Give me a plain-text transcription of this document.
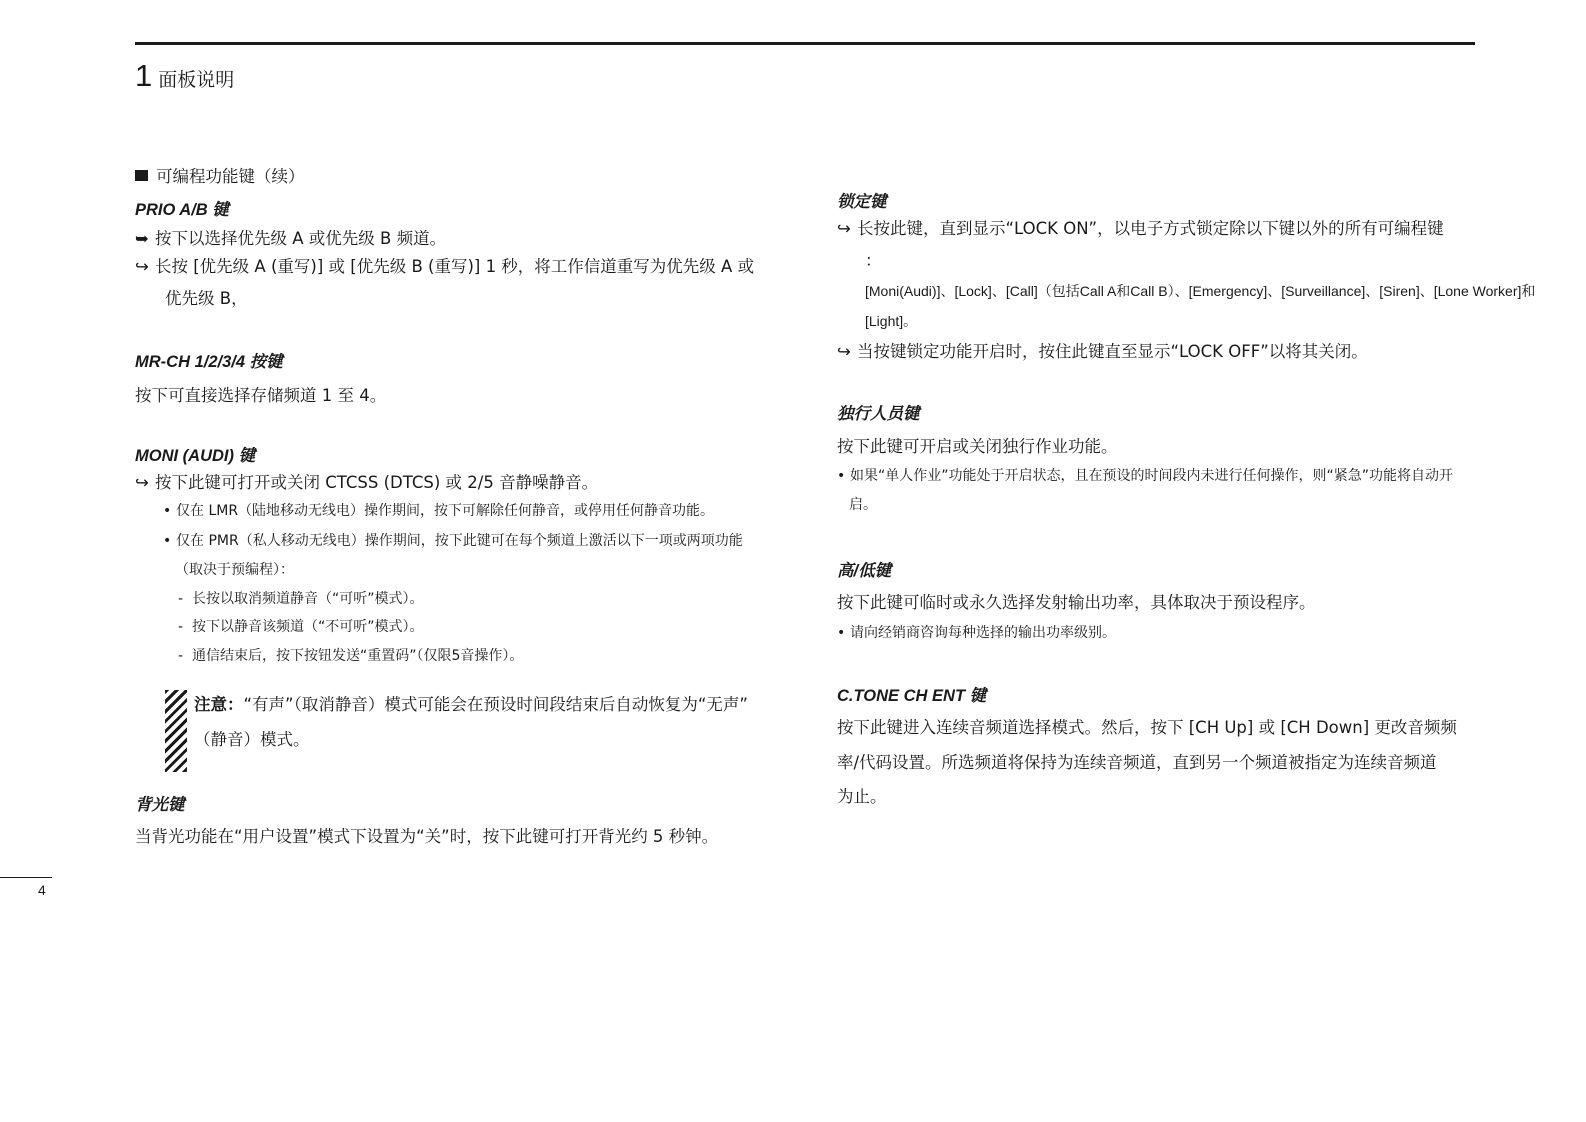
1 面板说明
可编程功能键（续）
PRIO A/B 键
➥ 按下以选择优先级 A 或优先级 B 频道。
↪ 长按 [优先级 A (重写)] 或 [优先级 B (重写)] 1 秒，将工作信道重写为优先级 A 或
优先级 B，
MR-CH 1/2/3/4 按键
按下可直接选择存储频道 1 至 4。
MONI (AUDI) 键
↪ 按下此键可打开或关闭 CTCSS (DTCS) 或 2/5 音静噪静音。
• 仅在 LMR（陆地移动无线电）操作期间，按下可解除任何静音，或停用任何静音功能。
• 仅在 PMR（私人移动无线电）操作期间，按下此键可在每个频道上激活以下一项或两项功能
（取决于预编程）：
- 长按以取消频道静音（“可听”模式）。
- 按下以静音该频道（“不可听”模式）。
- 通信结束后，按下按钮发送“重置码”（仅限5音操作）。
注意：“有声”（取消静音）模式可能会在预设时间段结束后自动恢复为“无声”
（静音）模式。
背光键
当背光功能在“用户设置”模式下设置为“关”时，按下此键可打开背光约 5 秒钟。
锁定键
↪ 长按此键，直到显示“LOCK ON”，以电子方式锁定除以下键以外的所有可编程键
：
[Moni(Audi)]、[Lock]、[Call]（包括Call A和Call B）、[Emergency]、[Surveillance]、[Siren]、[Lone Worker]和
[Light]。
↪ 当按键锁定功能开启时，按住此键直至显示“LOCK OFF”以将其关闭。
独行人员键
按下此键可开启或关闭独行作业功能。
• 如果“单人作业”功能处于开启状态，且在预设的时间段内未进行任何操作，则“紧急”功能将自动开
启。
高/低键
按下此键可临时或永久选择发射输出功率，具体取决于预设程序。
• 请向经销商咨询每种选择的输出功率级别。
C.TONE CH ENT 键
按下此键进入连续音频道选择模式。然后，按下 [CH Up] 或 [CH Down] 更改音频频
率/代码设置。所选频道将保持为连续音频道，直到另一个频道被指定为连续音频道
为止。
4
